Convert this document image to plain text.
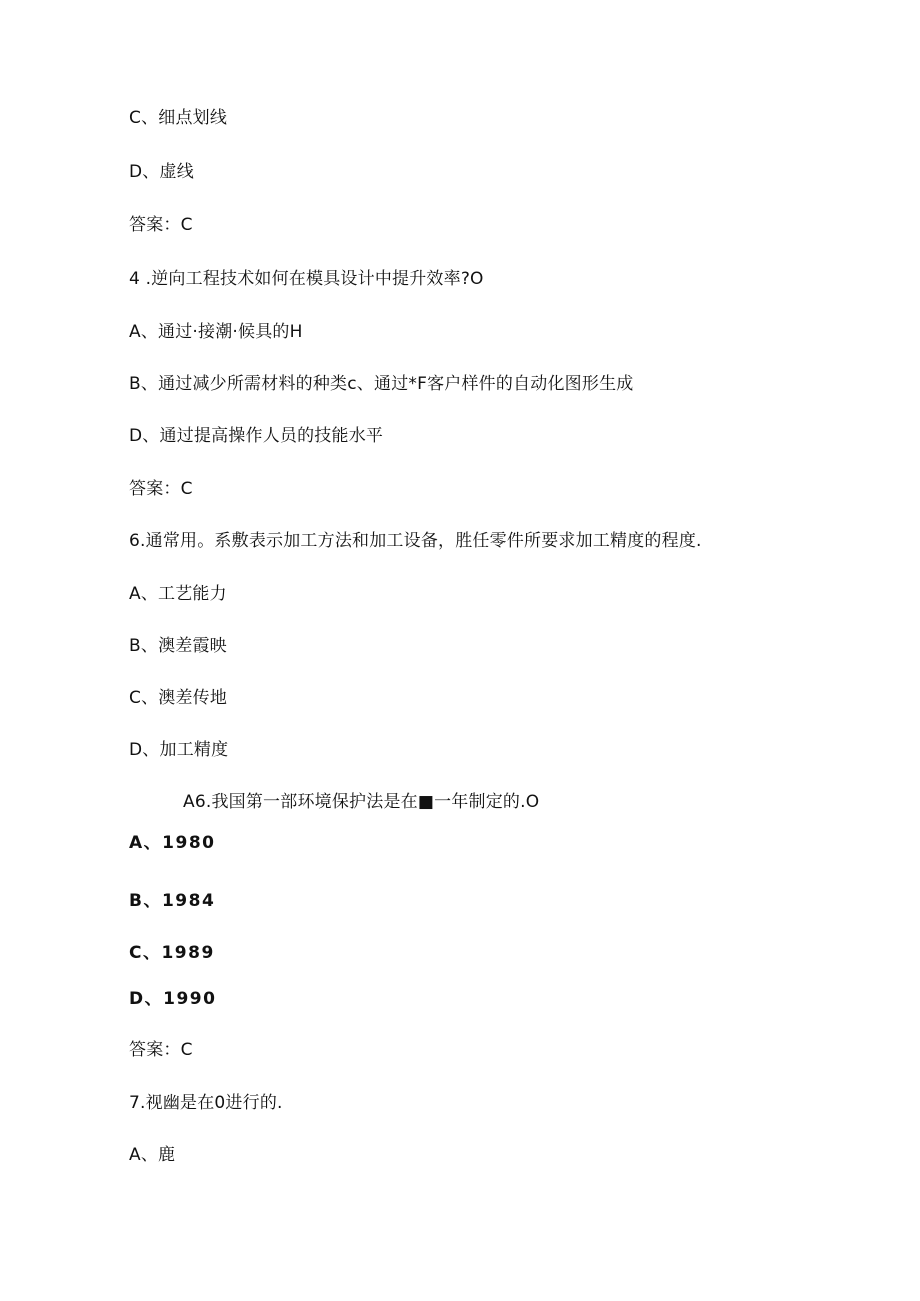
C、细点划线
D、虚线
答案：C
4 .逆向工程技术如何在模具设计中提升效率?O
A、通过·接潮·候具的H
B、通过减少所需材料的种类c、通过*F客户样件的自动化图形生成
D、通过提高操作人员的技能水平
答案：C
6.通常用。系敷表示加工方法和加工设备，胜任零件所要求加工精度的程度.
A、工艺能力
B、澳差霞映
C、澳差传地
D、加工精度
A6.我国第一部环境保护法是在■一年制定的.O
A、1980
B、1984
C、1989
D、1990
答案：C
7.视幽是在0进行的.
A、鹿
